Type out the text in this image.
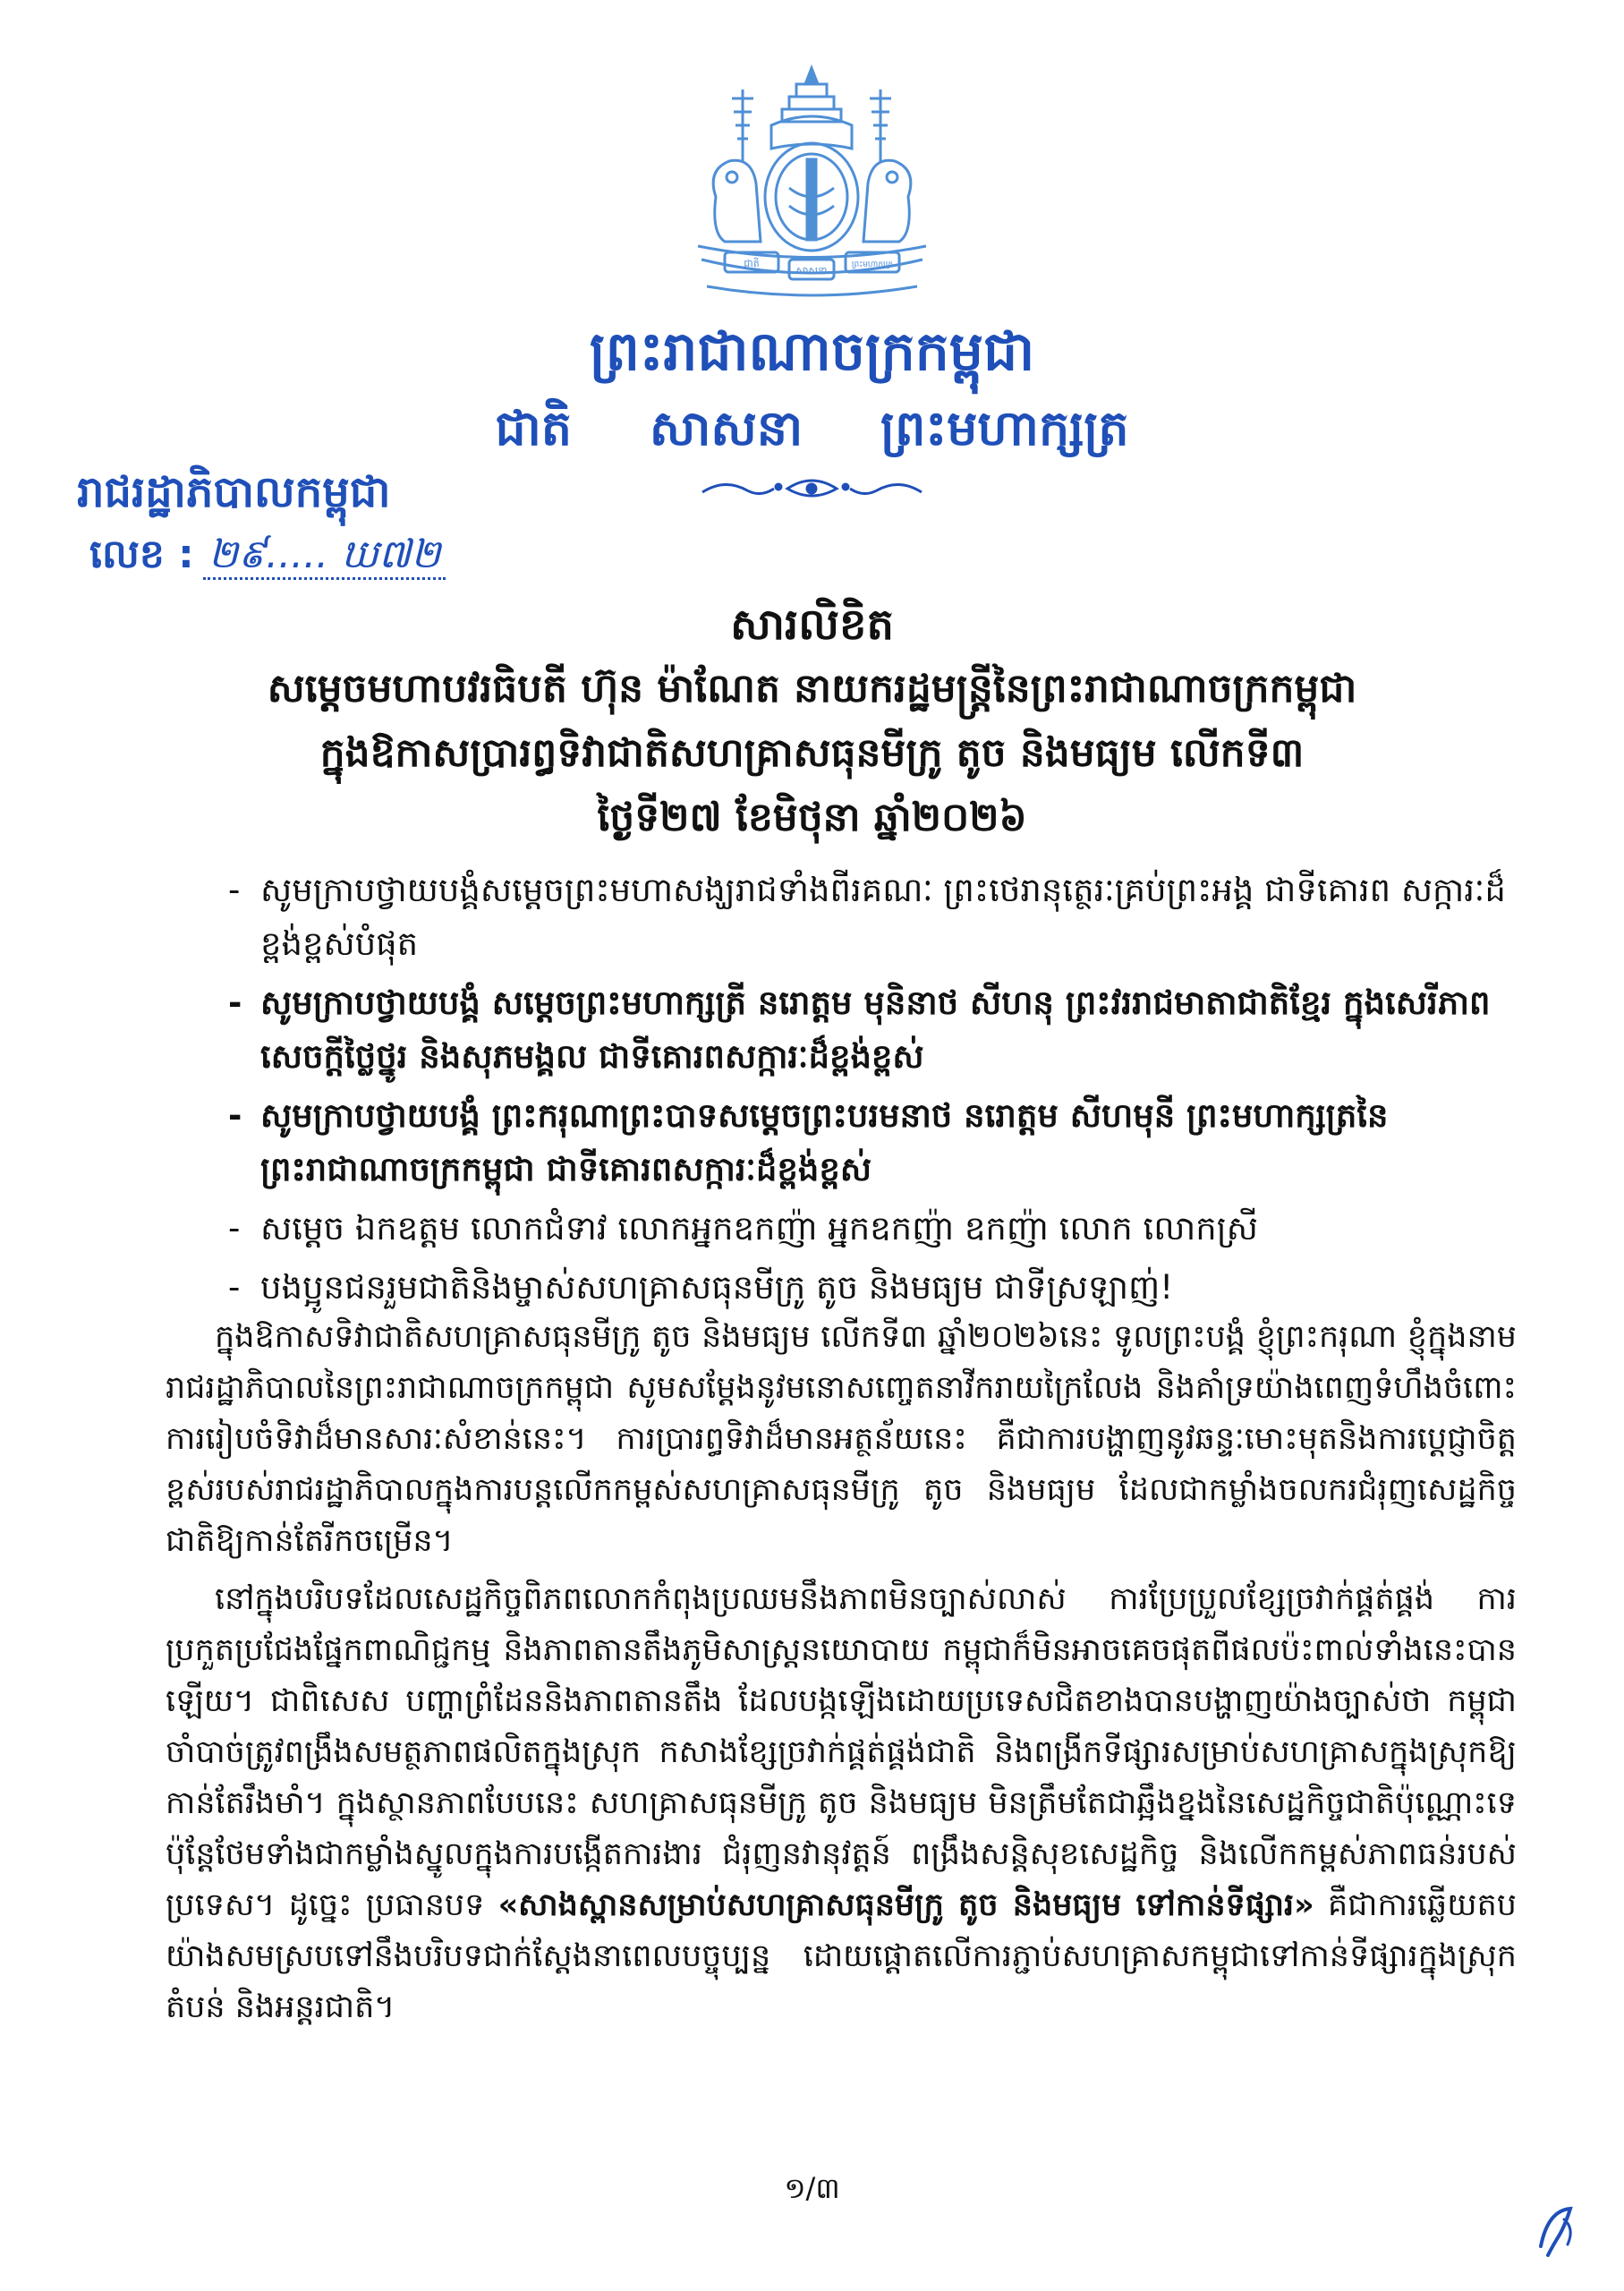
ជាតិ
សាសនា	ព្រះមហាក្សត្រ
ព្រះរាជាណាចក្រកម្ពុជា
ជាតិ សាសនា ព្រះមហាក្សត្រ
រាជរដ្ឋាភិបាលកម្ពុជា
លេខ : ២៩..... ឃ៧២
សារលិខិត
សម្ដេចមហាបវរធិបតី ហ៊ុន ម៉ាណែត នាយករដ្ឋមន្ត្រីនៃព្រះរាជាណាចក្រកម្ពុជា
ក្នុងឱកាសប្រារព្ធទិវាជាតិសហគ្រាសធុនមីក្រូ តូច និងមធ្យម លើកទី៣
ថ្ងៃទី២៧ ខែមិថុនា ឆ្នាំ២០២៦
- សូមក្រាបថ្វាយបង្គំសម្ដេចព្រះមហាសង្ឃរាជទាំងពីរគណៈ ព្រះថេរានុត្ថេរៈគ្រប់ព្រះអង្គ ជាទីគោរព សក្ការៈដ៏ខ្ពង់ខ្ពស់បំផុត
- សូមក្រាបថ្វាយបង្គំ សម្ដេចព្រះមហាក្សត្រី នរោត្តម មុនិនាថ សីហនុ ព្រះវររាជមាតាជាតិខ្មែរ ក្នុងសេរីភាព សេចក្ដីថ្លៃថ្នូរ និងសុភមង្គល ជាទីគោរពសក្ការៈដ៏ខ្ពង់ខ្ពស់
- សូមក្រាបថ្វាយបង្គំ ព្រះករុណាព្រះបាទសម្ដេចព្រះបរមនាថ នរោត្តម សីហមុនី ព្រះមហាក្សត្រនៃព្រះរាជាណាចក្រកម្ពុជា ជាទីគោរពសក្ការៈដ៏ខ្ពង់ខ្ពស់
- សម្ដេច ឯកឧត្តម លោកជំទាវ លោកអ្នកឧកញ៉ា អ្នកឧកញ៉ា ឧកញ៉ា លោក លោកស្រី
- បងប្អូនជនរួមជាតិនិងម្ចាស់សហគ្រាសធុនមីក្រូ តូច និងមធ្យម ជាទីស្រឡាញ់!

ក្នុងឱកាសទិវាជាតិសហគ្រាសធុនមីក្រូ តូច និងមធ្យម លើកទី៣ ឆ្នាំ២០២៦នេះ ទូលព្រះបង្គំ ខ្ញុំព្រះករុណា ខ្ញុំក្នុងនាមរាជរដ្ឋាភិបាលនៃព្រះរាជាណាចក្រកម្ពុជា សូមសម្ដែងនូវមនោសញ្ចេតនាវីករាយក្រៃលែង និងគាំទ្រយ៉ាងពេញទំហឹងចំពោះការរៀបចំទិវាដ៏មានសារៈសំខាន់នេះ។ ការប្រារព្ធទិវាដ៏មានអត្ថន័យនេះ គឺជាការបង្ហាញនូវឆន្ទៈមោះមុតនិងការប្ដេជ្ញាចិត្តខ្ពស់របស់រាជរដ្ឋាភិបាលក្នុងការបន្តលើកកម្ពស់សហគ្រាសធុនមីក្រូ តូច និងមធ្យម ដែលជាកម្លាំងចលករជំរុញសេដ្ឋកិច្ចជាតិឱ្យកាន់តែរីកចម្រើន។

នៅក្នុងបរិបទដែលសេដ្ឋកិច្ចពិភពលោកកំពុងប្រឈមនឹងភាពមិនច្បាស់លាស់ ការប្រែប្រួលខ្សែច្រវាក់ផ្គត់ផ្គង់ ការប្រកួតប្រជែងផ្នែកពាណិជ្ជកម្ម និងភាពតានតឹងភូមិសាស្ត្រនយោបាយ កម្ពុជាក៏មិនអាចគេចផុតពីផលប៉ះពាល់ទាំងនេះបានឡើយ។ ជាពិសេស បញ្ហាព្រំដែននិងភាពតានតឹង ដែលបង្កឡើងដោយប្រទេសជិតខាងបានបង្ហាញយ៉ាងច្បាស់ថា កម្ពុជាចាំបាច់ត្រូវពង្រឹងសមត្ថភាពផលិតក្នុងស្រុក កសាងខ្សែច្រវាក់ផ្គត់ផ្គង់ជាតិ និងពង្រីកទីផ្សារសម្រាប់សហគ្រាសក្នុងស្រុកឱ្យកាន់តែរឹងមាំ។ ក្នុងស្ថានភាពបែបនេះ សហគ្រាសធុនមីក្រូ តូច និងមធ្យម មិនត្រឹមតែជាឆ្អឹងខ្នងនៃសេដ្ឋកិច្ចជាតិប៉ុណ្ណោះទេ ប៉ុន្តែថែមទាំងជាកម្លាំងស្នូលក្នុងការបង្កើតការងារ ជំរុញនវានុវត្តន៍ ពង្រឹងសន្តិសុខសេដ្ឋកិច្ច និងលើកកម្ពស់ភាពធន់របស់ប្រទេស។ ដូច្នេះ ប្រធានបទ «សាងស្ពានសម្រាប់សហគ្រាសធុនមីក្រូ តូច និងមធ្យម ទៅកាន់ទីផ្សារ» គឺជាការឆ្លើយតបយ៉ាងសមស្របទៅនឹងបរិបទជាក់ស្ដែងនាពេលបច្ចុប្បន្ន ដោយផ្ដោតលើការភ្ជាប់សហគ្រាសកម្ពុជាទៅកាន់ទីផ្សារក្នុងស្រុក តំបន់ និងអន្តរជាតិ។

១/៣
